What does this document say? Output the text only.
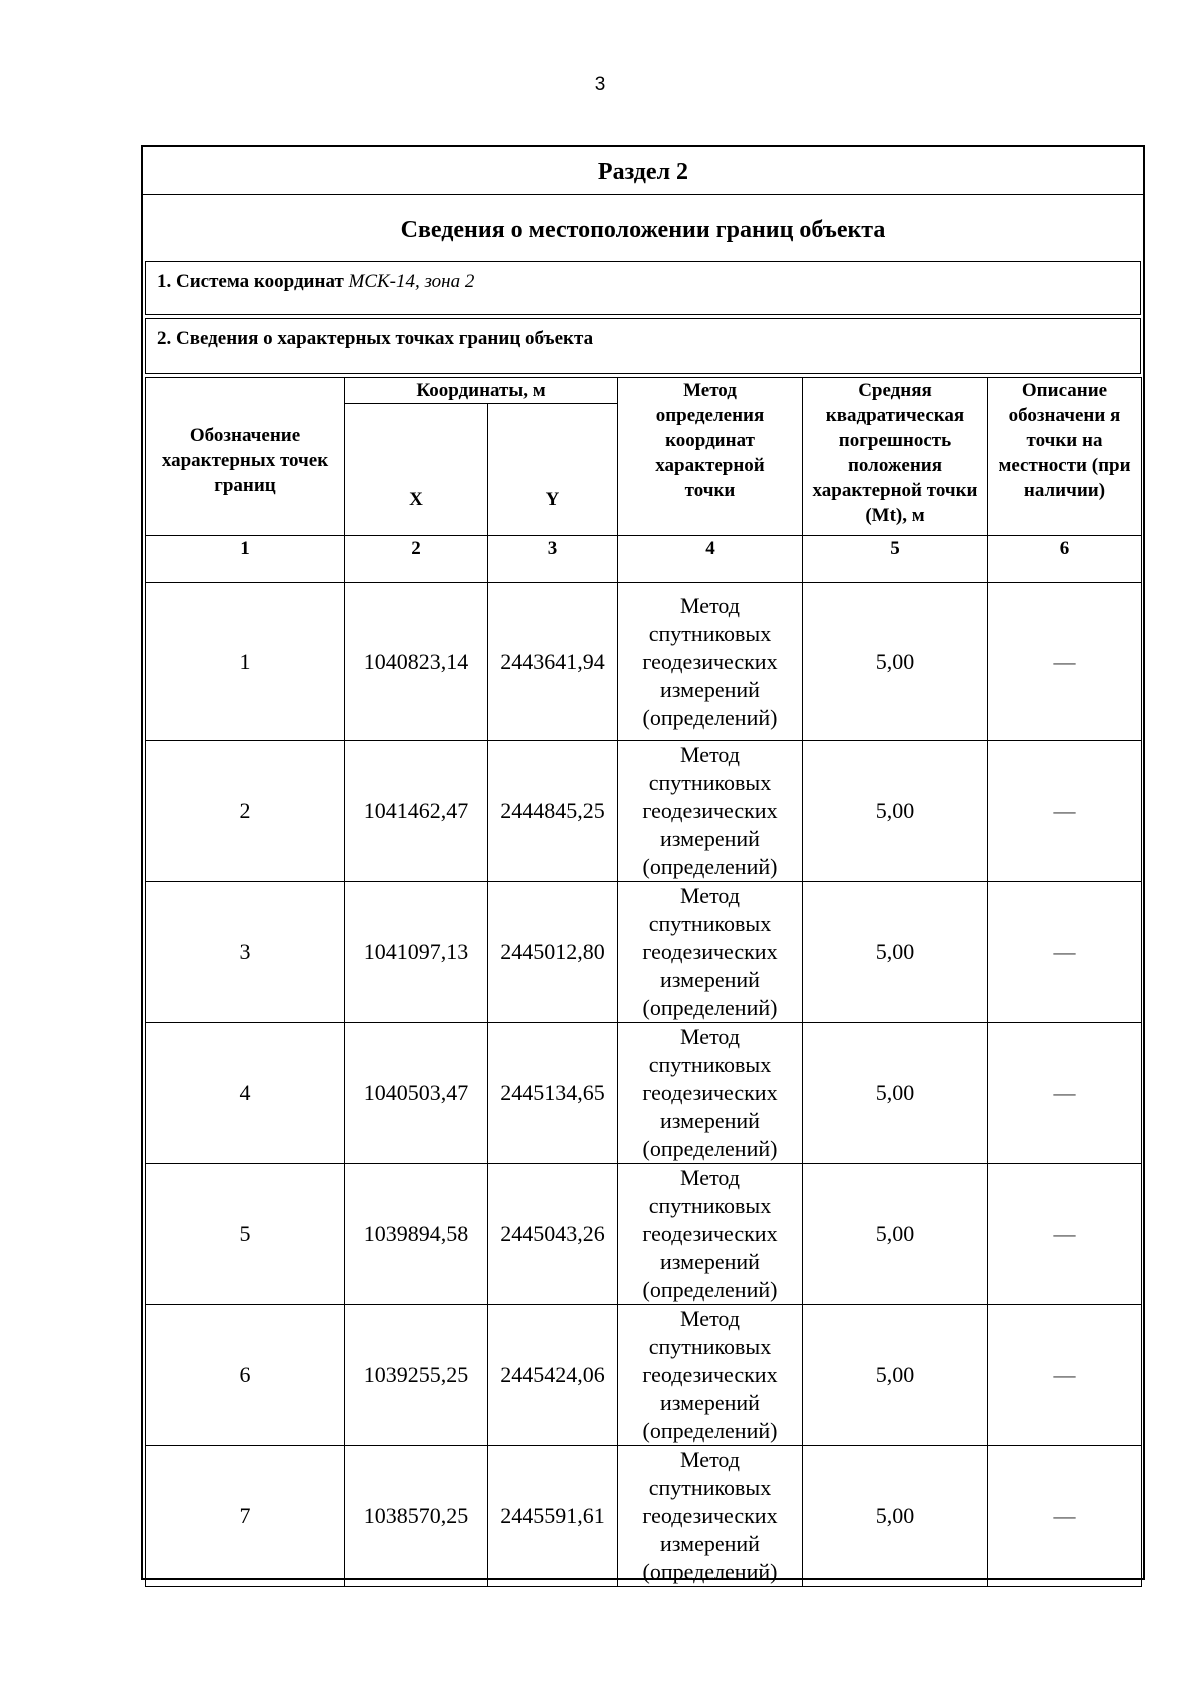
3
Раздел 2
Сведения о местоположении границ объекта
1. Система координат МСК-14, зона 2
2. Сведения о характерных точках границ объекта
Обозначение характерных точек границ	Координаты, м		Метод определения координат характерной точки	Средняя квадратическая погрешность положения характерной точки (Mt), м	Описание обозначени я точки на местности (при наличии)
	X	Y			
1	2	3	4	5	6
1	1040823,14	2443641,94	Метод спутниковых геодезических измерений (определений)	5,00	—
2	1041462,47	2444845,25	Метод спутниковых геодезических измерений (определений)	5,00	—
3	1041097,13	2445012,80	Метод спутниковых геодезических измерений (определений)	5,00	—
4	1040503,47	2445134,65	Метод спутниковых геодезических измерений (определений)	5,00	—
5	1039894,58	2445043,26	Метод спутниковых геодезических измерений (определений)	5,00	—
6	1039255,25	2445424,06	Метод спутниковых геодезических измерений (определений)	5,00	—
7	1038570,25	2445591,61	Метод спутниковых геодезических измерений (определений)	5,00	—
